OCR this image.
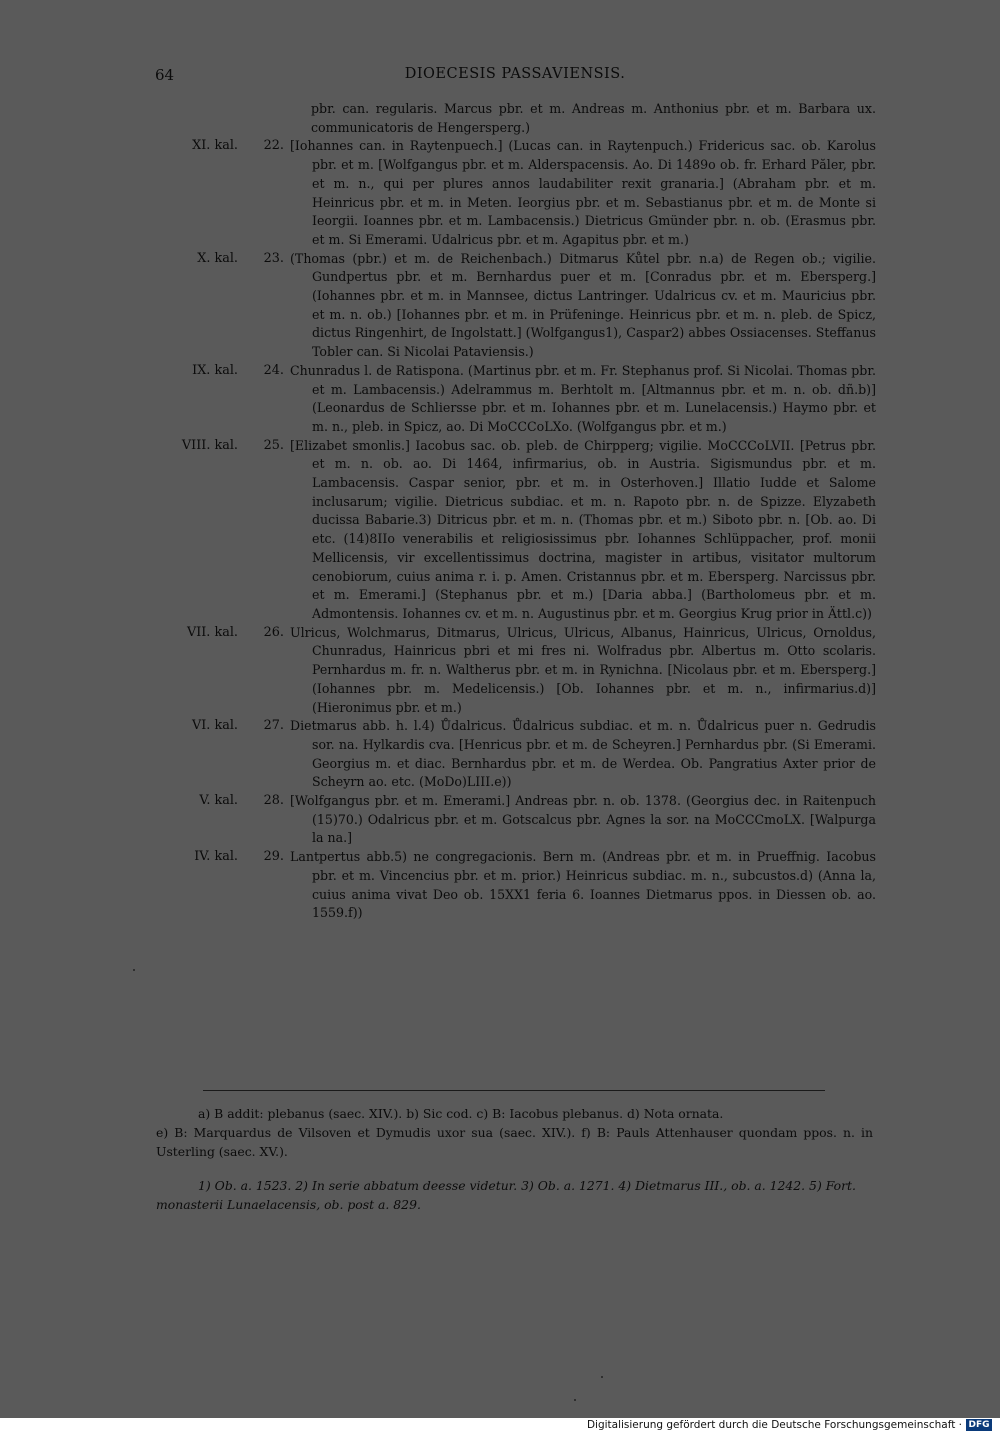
64	DIOECESIS PASSAVIENSIS.
pbr. can. regularis. Marcus pbr. et m. Andreas m. Anthonius pbr. et m. Barbara ux. communicatoris de Hengersperg.)
XI. kal. 22. [Iohannes can. in Raytenpuech.] (Lucas can. in Raytenpuch.) Fridericus sac. ob. Karolus pbr. et m. [Wolfgangus pbr. et m. Alderspacensis. Ao. Di 1489o ob. fr. Erhard Păler, pbr. et m. n., qui per plures annos laudabiliter rexit granaria.] (Abraham pbr. et m. Heinricus pbr. et m. in Meten. Ieorgius pbr. et m. Sebastianus pbr. et m. de Monte si Ieorgii. Ioannes pbr. et m. Lambacensis.) Dietricus Gmünder pbr. n. ob. (Erasmus pbr. et m. Si Emerami. Udalricus pbr. et m. Agapitus pbr. et m.)
X. kal. 23. (Thomas (pbr.) et m. de Reichenbach.) Ditmarus Kůtel pbr. n.a) de Regen ob.; vigilie. Gundpertus pbr. et m. Bernhardus puer et m. [Conradus pbr. et m. Ebersperg.] (Iohannes pbr. et m. in Mannsee, dictus Lantringer. Udalricus cv. et m. Mauricius pbr. et m. n. ob.) [Iohannes pbr. et m. in Prüfeninge. Heinricus pbr. et m. n. pleb. de Spicz, dictus Ringenhirt, de Ingolstatt.] (Wolfgangus1), Caspar2) abbes Ossiacenses. Steffanus Tobler can. Si Nicolai Pataviensis.)
IX. kal. 24. Chunradus l. de Ratispona. (Martinus pbr. et m. Fr. Stephanus prof. Si Nicolai. Thomas pbr. et m. Lambacensis.) Adelrammus m. Berhtolt m. [Altmannus pbr. et m. n. ob. dñ.b)] (Leonardus de Schliersse pbr. et m. Iohannes pbr. et m. Lunelacensis.) Haymo pbr. et m. n., pleb. in Spicz, ao. Di MoCCCoLXo. (Wolfgangus pbr. et m.)
VIII. kal. 25. [Elizabet smonlis.] Iacobus sac. ob. pleb. de Chirpperg; vigilie. MoCCCoLVII. [Petrus pbr. et m. n. ob. ao. Di 1464, infirmarius, ob. in Austria. Sigismundus pbr. et m. Lambacensis. Caspar senior, pbr. et m. in Osterhoven.] Illatio Iudde et Salome inclusarum; vigilie. Dietricus subdiac. et m. n. Rapoto pbr. n. de Spizze. Elyzabeth ducissa Babarie.3) Ditricus pbr. et m. n. (Thomas pbr. et m.) Siboto pbr. n. [Ob. ao. Di etc. (14)8IIo venerabilis et religiosissimus pbr. Iohannes Schlüppacher, prof. monii Mellicensis, vir excellentissimus doctrina, magister in artibus, visitator multorum cenobiorum, cuius anima r. i. p. Amen. Cristannus pbr. et m. Ebersperg. Narcissus pbr. et m. Emerami.] (Stephanus pbr. et m.) [Daria abba.] (Bartholomeus pbr. et m. Admontensis. Iohannes cv. et m. n. Augustinus pbr. et m. Georgius Krug prior in Ättl.c))
VII. kal. 26. Ulricus, Wolchmarus, Ditmarus, Ulricus, Ulricus, Albanus, Hainricus, Ulricus, Ornoldus, Chunradus, Hainricus pbri et mi fres ni. Wolfradus pbr. Albertus m. Otto scolaris. Pernhardus m. fr. n. Waltherus pbr. et m. in Rynichna. [Nicolaus pbr. et m. Ebersperg.] (Iohannes pbr. m. Medelicensis.) [Ob. Iohannes pbr. et m. n., infirmarius.d)] (Hieronimus pbr. et m.)
VI. kal. 27. Dietmarus abb. h. l.4) Ůdalricus. Ůdalricus subdiac. et m. n. Ůdalricus puer n. Gedrudis sor. na. Hylkardis cva. [Henricus pbr. et m. de Scheyren.] Pernhardus pbr. (Si Emerami. Georgius m. et diac. Bernhardus pbr. et m. de Werdea. Ob. Pangratius Axter prior de Scheyrn ao. etc. (MoDo)LIII.e))
V. kal. 28. [Wolfgangus pbr. et m. Emerami.] Andreas pbr. n. ob. 1378. (Georgius dec. in Raitenpuch (15)70.) Odalricus pbr. et m. Gotscalcus pbr. Agnes la sor. na MoCCCmoLX. [Walpurga la na.]
IV. kal. 29. Lantpertus abb.5) ne congregacionis. Bern m. (Andreas pbr. et m. in Prueffnig. Iacobus pbr. et m. Vincencius pbr. et m. prior.) Heinricus subdiac. m. n., subcustos.d) (Anna la, cuius anima vivat Deo ob. 15XX1 feria 6. Ioannes Dietmarus ppos. in Diessen ob. ao. 1559.f))

a) B addit: plebanus (saec. XIV.). b) Sic cod. c) B: Iacobus plebanus. d) Nota ornata.

e) B: Marquardus de Vilsoven et Dymudis uxor sua (saec. XIV.). f) B: Pauls Attenhauser quondam ppos. n. in Usterling (saec. XV.).

1) Ob. a. 1523. 2) In serie abbatum deesse videtur. 3) Ob. a. 1271. 4) Dietmarus III., ob. a. 1242. 5) Fort. monasterii Lunaelacensis, ob. post a. 829.

Digitalisierung gefördert durch die Deutsche Forschungsgemeinschaft · DFG
